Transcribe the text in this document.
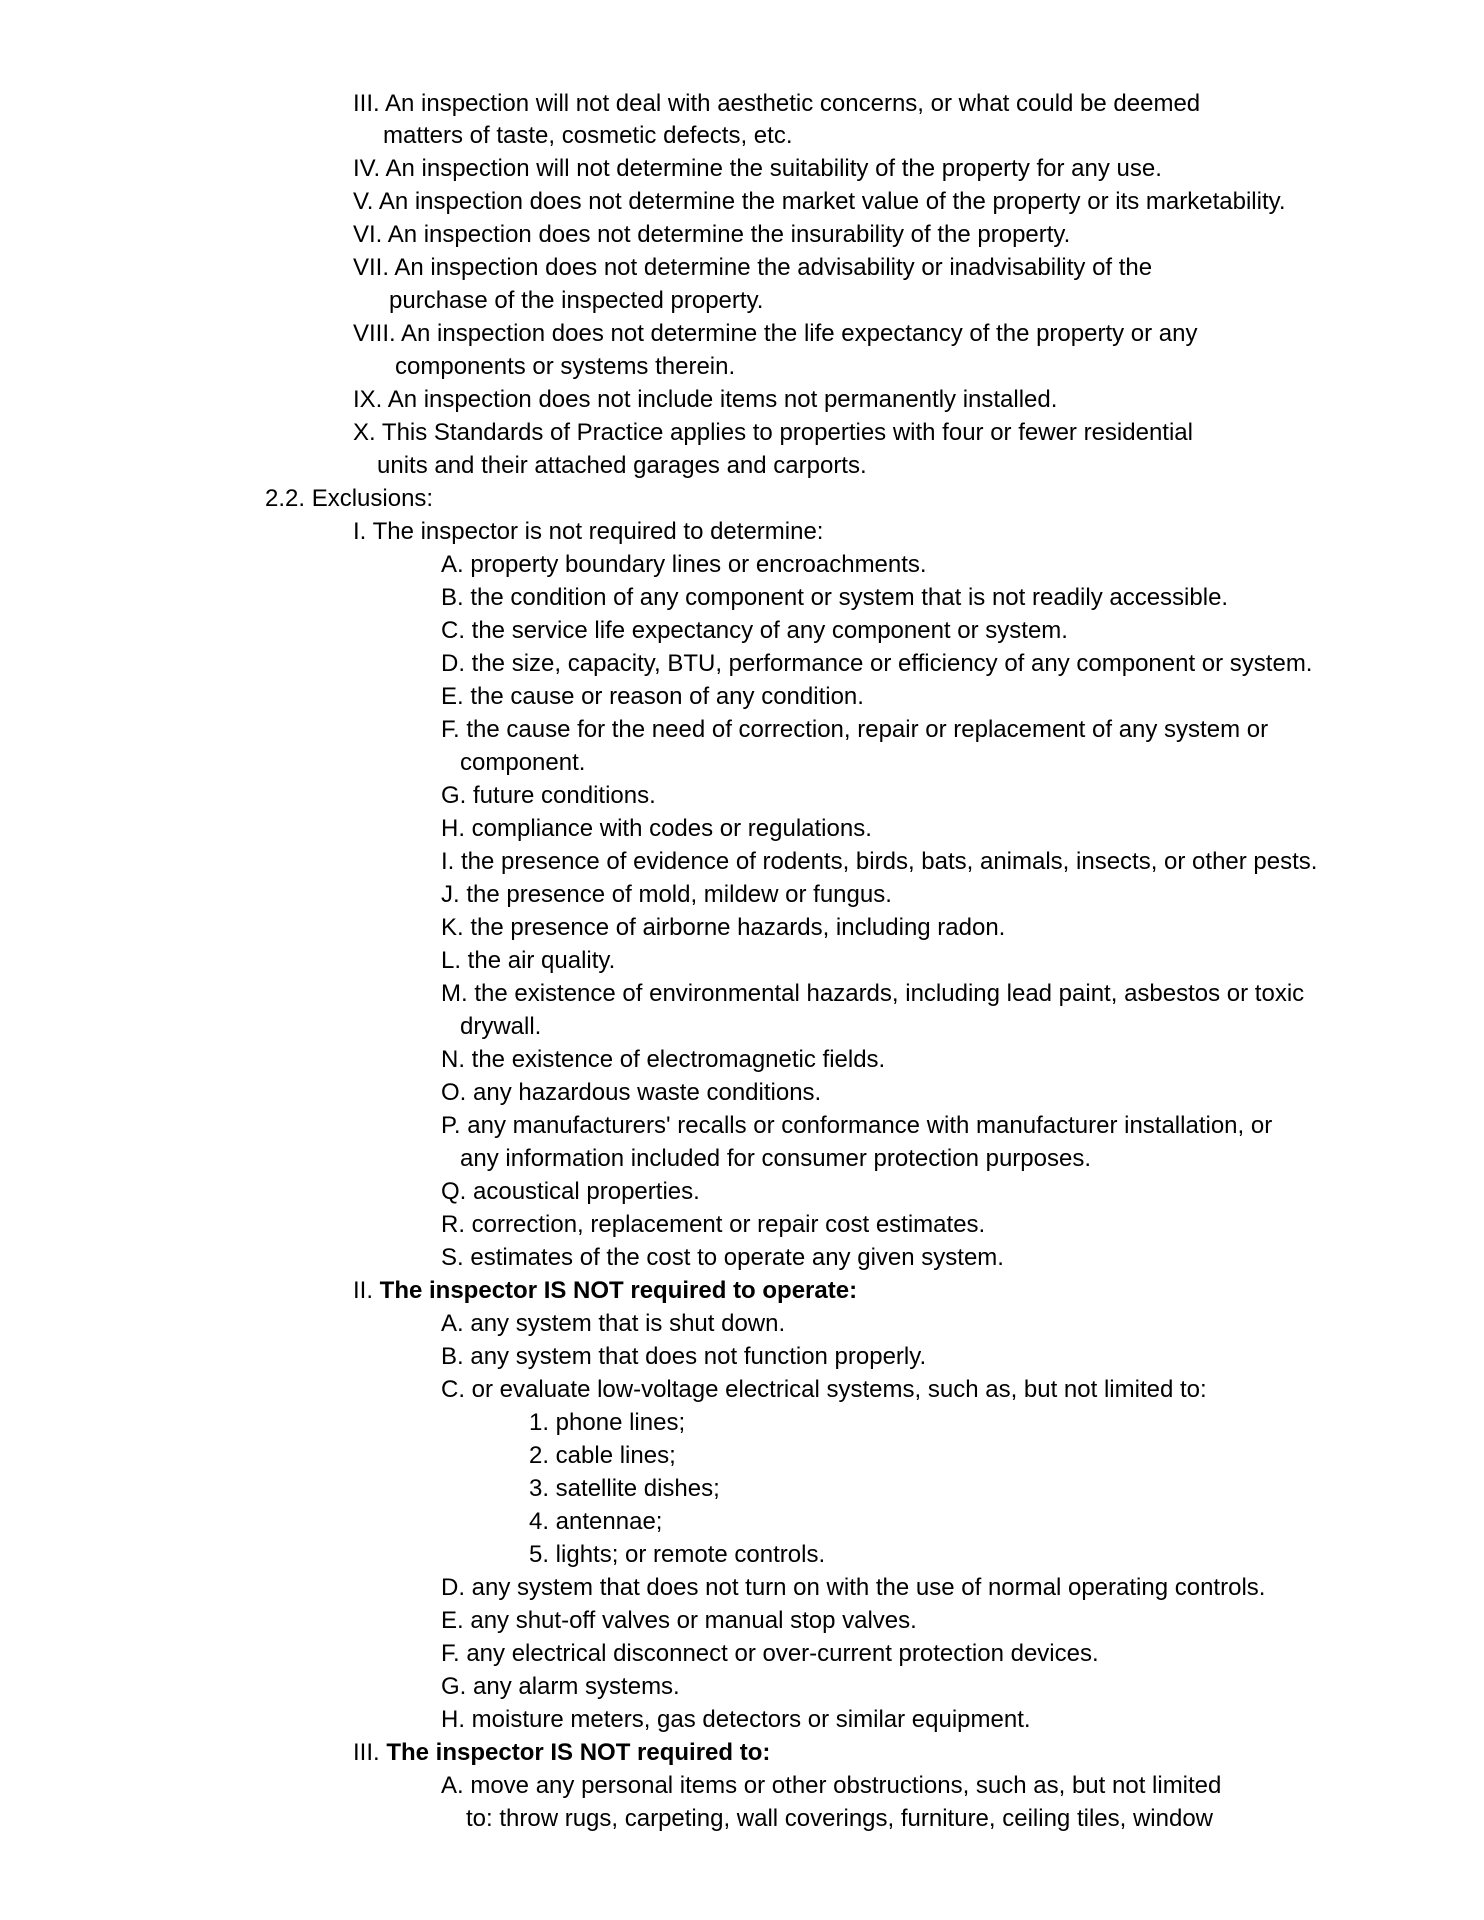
III. An inspection will not deal with aesthetic concerns, or what could be deemed
matters of taste, cosmetic defects, etc.
IV. An inspection will not determine the suitability of the property for any use.
V. An inspection does not determine the market value of the property or its marketability.
VI. An inspection does not determine the insurability of the property.
VII. An inspection does not determine the advisability or inadvisability of the
purchase of the inspected property.
VIII. An inspection does not determine the life expectancy of the property or any
components or systems therein.
IX. An inspection does not include items not permanently installed.
X. This Standards of Practice applies to properties with four or fewer residential
units and their attached garages and carports.
2.2. Exclusions:
I. The inspector is not required to determine:
A. property boundary lines or encroachments.
B. the condition of any component or system that is not readily accessible.
C. the service life expectancy of any component or system.
D. the size, capacity, BTU, performance or efficiency of any component or system.
E. the cause or reason of any condition.
F. the cause for the need of correction, repair or replacement of any system or
component.
G. future conditions.
H. compliance with codes or regulations.
I. the presence of evidence of rodents, birds, bats, animals, insects, or other pests.
J. the presence of mold, mildew or fungus.
K. the presence of airborne hazards, including radon.
L. the air quality.
M. the existence of environmental hazards, including lead paint, asbestos or toxic
drywall.
N. the existence of electromagnetic fields.
O. any hazardous waste conditions.
P. any manufacturers' recalls or conformance with manufacturer installation, or
any information included for consumer protection purposes.
Q. acoustical properties.
R. correction, replacement or repair cost estimates.
S. estimates of the cost to operate any given system.
II. The inspector IS NOT required to operate:
A. any system that is shut down.
B. any system that does not function properly.
C. or evaluate low-voltage electrical systems, such as, but not limited to:
1. phone lines;
2. cable lines;
3. satellite dishes;
4. antennae;
5. lights; or remote controls.
D. any system that does not turn on with the use of normal operating controls.
E. any shut-off valves or manual stop valves.
F. any electrical disconnect or over-current protection devices.
G. any alarm systems.
H. moisture meters, gas detectors or similar equipment.
III. The inspector IS NOT required to:
A. move any personal items or other obstructions, such as, but not limited
to: throw rugs, carpeting, wall coverings, furniture, ceiling tiles, window
